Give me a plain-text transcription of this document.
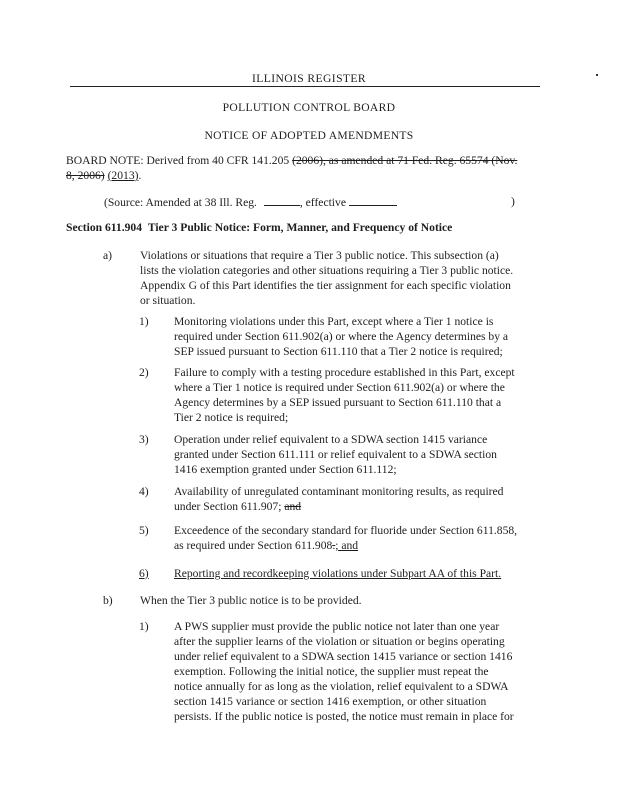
ILLINOIS REGISTER
POLLUTION CONTROL BOARD
NOTICE OF ADOPTED AMENDMENTS
BOARD NOTE: Derived from 40 CFR 141.205 (2006), as amended at 71 Fed. Reg. 65574 (Nov.
8, 2006) (2013).
(Source: Amended at 38 Ill. Reg.	, effective	)
Section 611.904 Tier 3 Public Notice: Form, Manner, and Frequency of Notice
a) Violations or situations that require a Tier 3 public notice. This subsection (a)

lists the violation categories and other situations requiring a Tier 3 public notice.

Appendix G of this Part identifies the tier assignment for each specific violation

or situation.

1) Monitoring violations under this Part, except where a Tier 1 notice is

required under Section 611.902(a) or where the Agency determines by a

SEP issued pursuant to Section 611.110 that a Tier 2 notice is required;

2) Failure to comply with a testing procedure established in this Part, except

where a Tier 1 notice is required under Section 611.902(a) or where the

Agency determines by a SEP issued pursuant to Section 611.110 that a

Tier 2 notice is required;

3) Operation under relief equivalent to a SDWA section 1415 variance

granted under Section 611.111 or relief equivalent to a SDWA section

1416 exemption granted under Section 611.112;

4) Availability of unregulated contaminant monitoring results, as required

under Section 611.907; and

5) Exceedence of the secondary standard for fluoride under Section 611.858,

as required under Section 611.908.; and

6) Reporting and recordkeeping violations under Subpart AA of this Part.

b) When the Tier 3 public notice is to be provided.
1) A PWS supplier must provide the public notice not later than one year

after the supplier learns of the violation or situation or begins operating

under relief equivalent to a SDWA section 1415 variance or section 1416

exemption. Following the initial notice, the supplier must repeat the

notice annually for as long as the violation, relief equivalent to a SDWA

section 1415 variance or section 1416 exemption, or other situation

persists. If the public notice is posted, the notice must remain in place for
